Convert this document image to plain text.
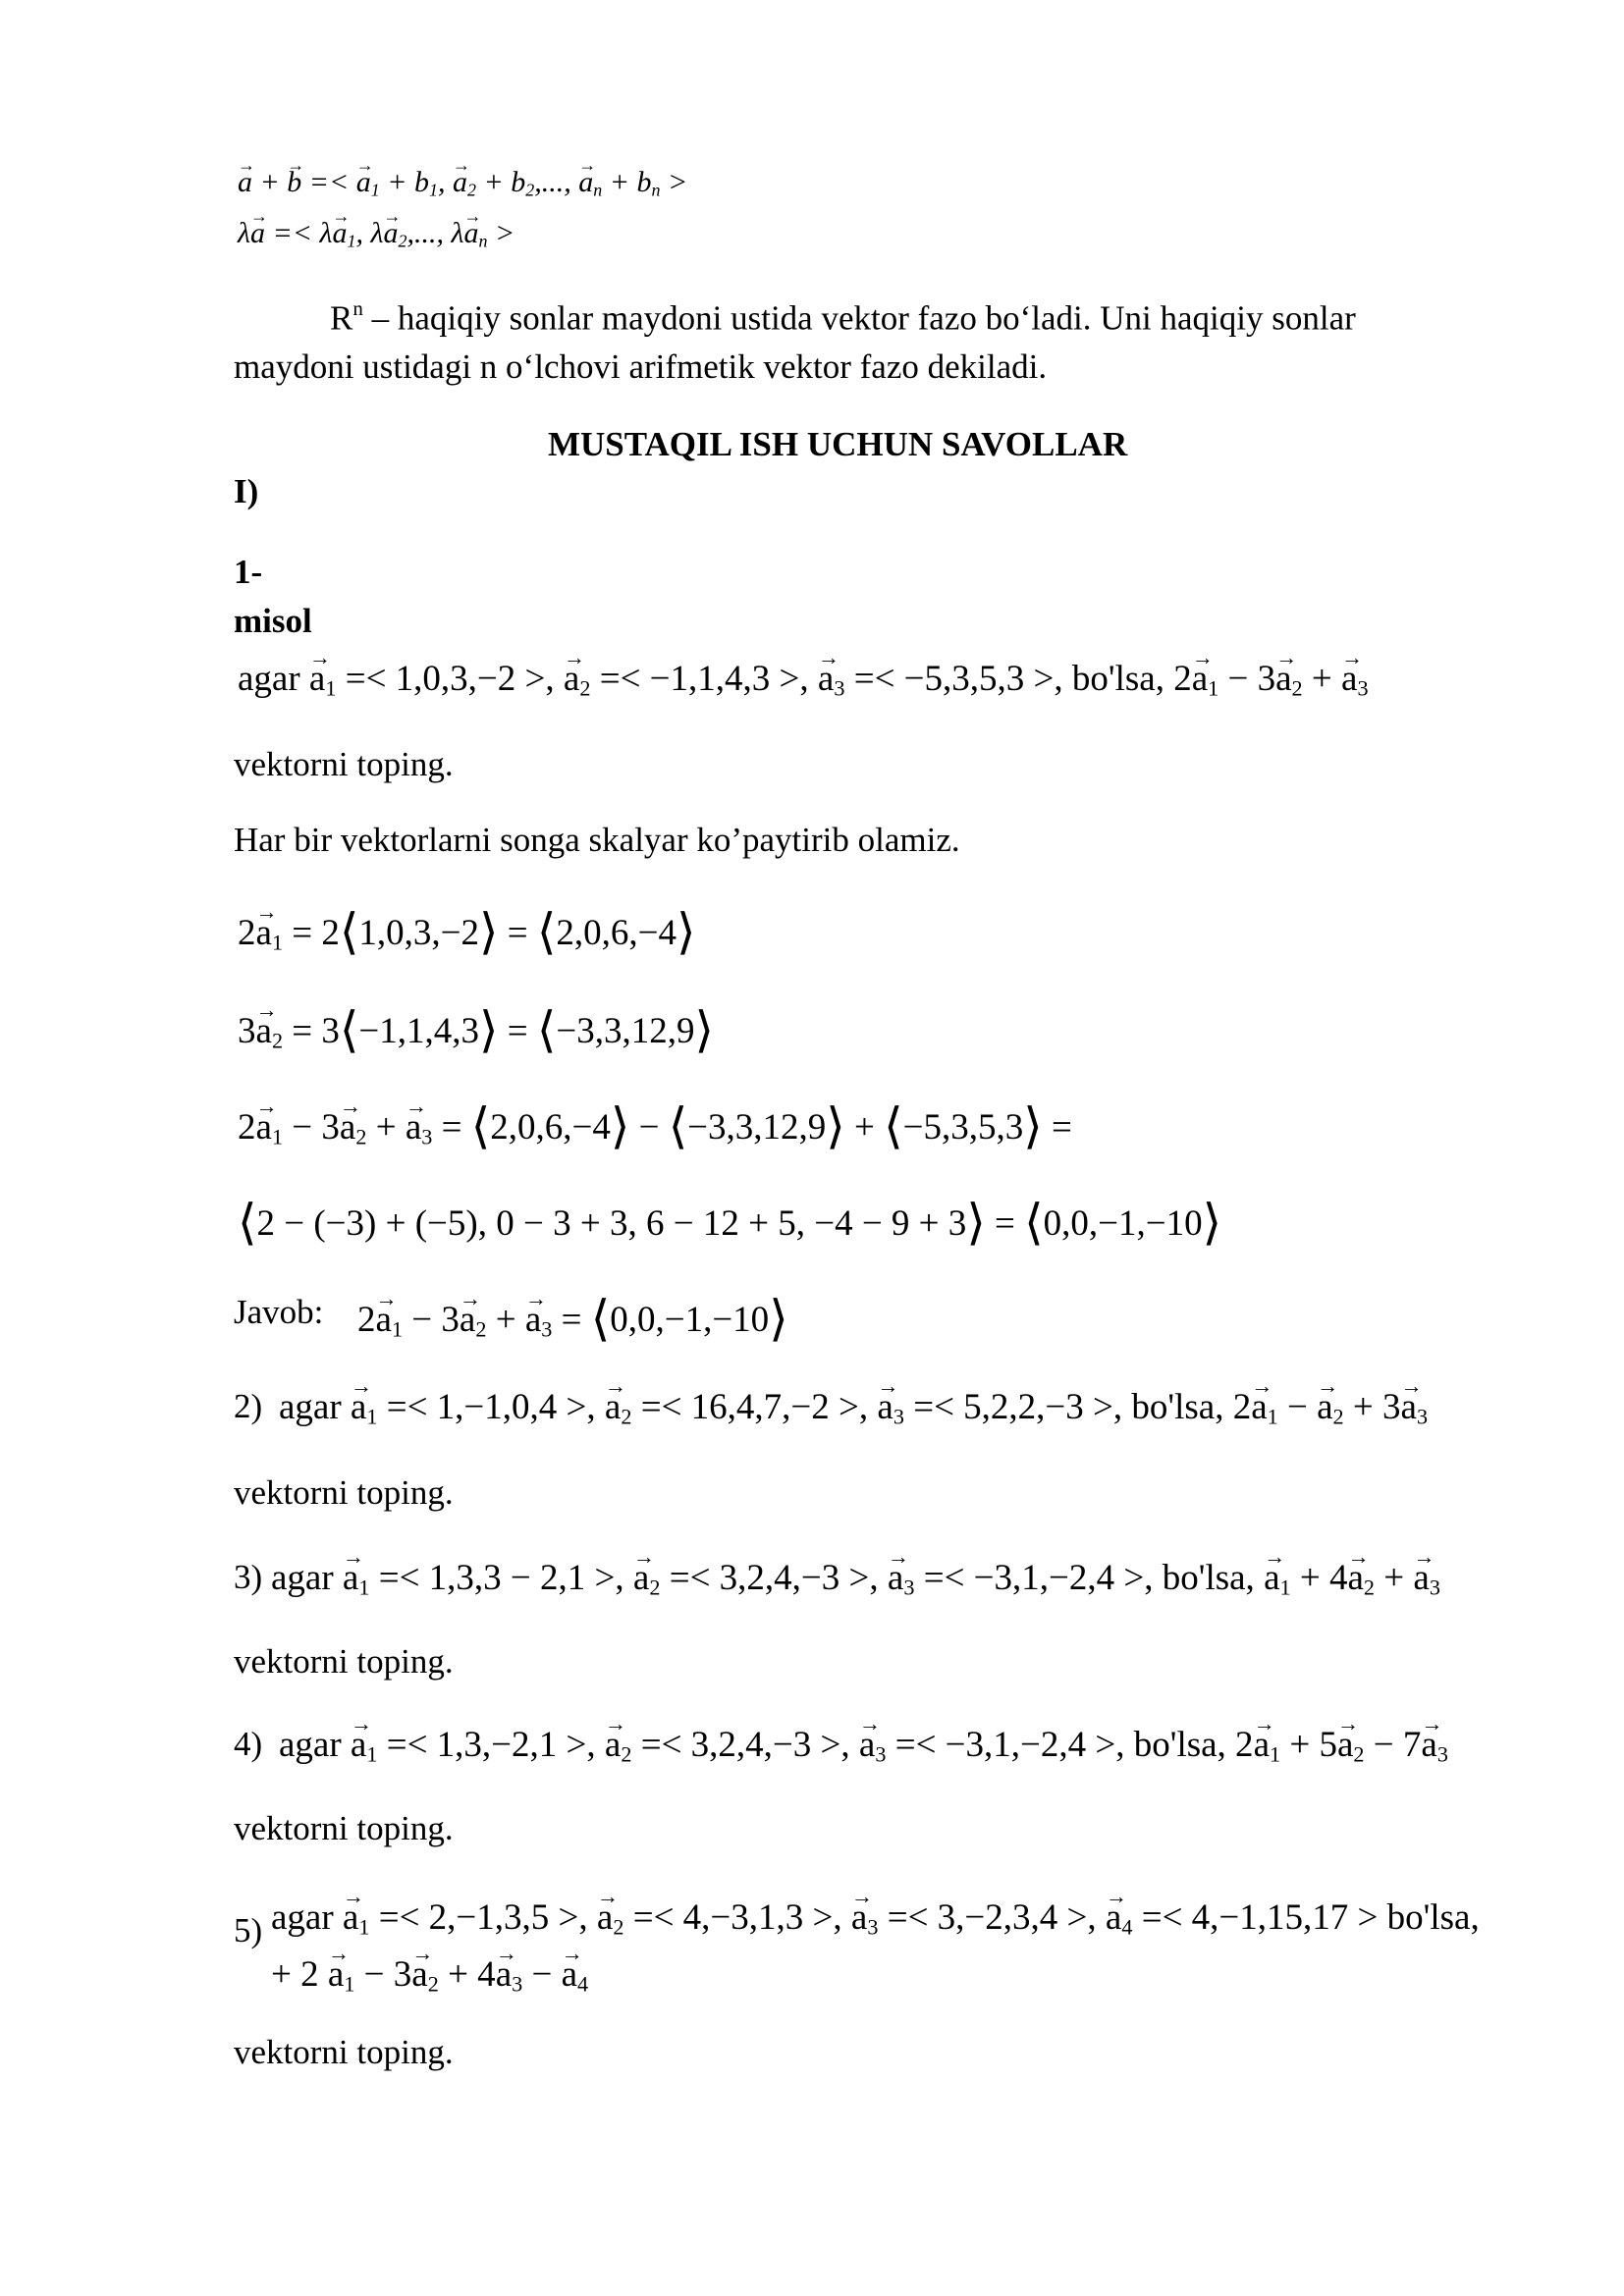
→ a + → b =< → $a_1 + b_1$, → $a_2 + b_2$,..., → $a_n + b_n$ >
$\lambda\to a =< \lambda\to a_1$, $\lambda\to a_2$,..., $\lambda\to a_n$ >
$R^n$ – haqiqiy sonlar maydoni ustida vektor fazo bo‘ladi. Uni haqiqiy sonlar
maydoni ustidagi n o‘lchovi arifmetik vektor fazo dekiladi.
MUSTAQIL ISH UCHUN SAVOLLAR
I)
1-
misol
agar → $a_1 =< 1,0,3,-2$ >, → $a_2 =< -1,1,4,3$ >, → $a_3 =< -5,3,5,3$ >, bo'lsa, $2\to a_1 - 3\to a_2$ + → $a_3$
vektorni toping.
Har bir vektorlarni songa skalyar ko’paytirib olamiz.
$2\to a_1$ = 2⟨1,0,3,−2⟩ = ⟨2,0,6,−4⟩
$3\to a_2$ = 3⟨−1,1,4,3⟩ = ⟨−3,3,12,9⟩
$2\to a_1 - 3\to a_2$ + → $a_3$ = ⟨2,0,6,−4⟩ − ⟨−3,3,12,9⟩ + ⟨−5,3,5,3⟩ =
⟨2 − (−3) + (−5), 0 − 3 + 3, 6 − 12 + 5, −4 − 9 + 3⟩ = ⟨0,0,−1,−10⟩
Javob: $2\to a_1 - 3\to a_2$ + → $a_3$ = ⟨0,0,−1,−10⟩
2) agar → $a_1 =< 1,-1,0,4$ >, → $a_2 =< 16,4,7,-2$ >, → $a_3 =< 5,2,2,-3$ >, bo'lsa, $2\to a_1$ − → $a_2 + 3\to a_3$
vektorni toping.
3) agar → $a_1 =< 1,3,3 - 2,1$ >, → $a_2 =< 3,2,4,-3$ >, → $a_3 =< -3,1,-2,4$ >, bo'lsa, → $a_1 + 4\to a_2$ + → $a_3$
vektorni toping.
4) agar → $a_1 =< 1,3,-2,1$ >, → $a_2 =< 3,2,4,-3$ >, → $a_3 =< -3,1,-2,4$ >, bo'lsa, $2\to a_1 + 5\to a_2 - 7\to a_3$
vektorni toping.
5) agar → $a_1 =< 2,-1,3,5$ >, → $a_2 =< 4,-3,1,3$ >, → $a_3 =< 3,-2,3,4$ >, → $a_4 =< 4,-1,15,17 > bo'lsa$,
+ $2 \to a_1 - 3\to a_2 + 4\to a_3$ − → $a_4$
vektorni toping.
